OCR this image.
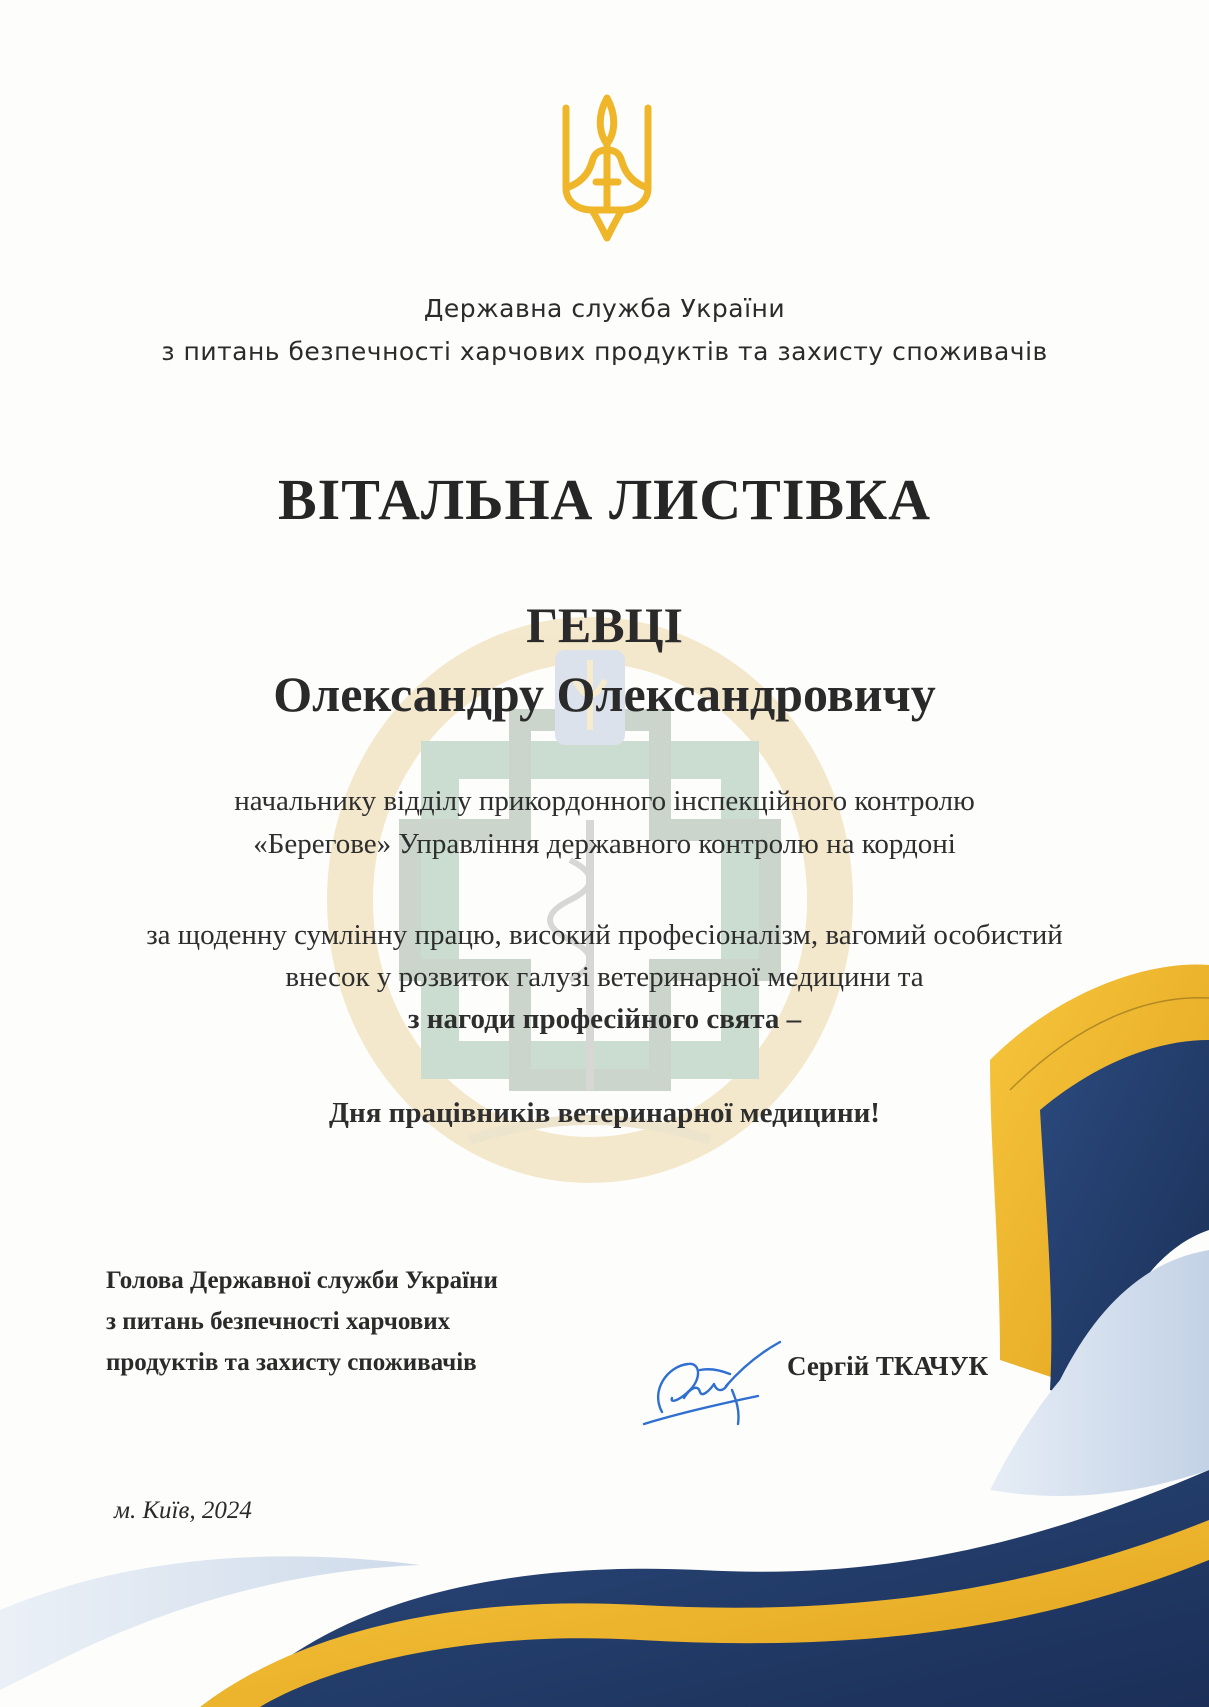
Державна служба України
з питань безпечності харчових продуктів та захисту споживачів
ВІТАЛЬНА ЛИСТІВКА
ГЕВЦІ
Олександру Олександровичу
начальнику відділу прикордонного інспекційного контролю
«Берегове» Управління державного контролю на кордоні
за щоденну сумлінну працю, високий професіоналізм, вагомий особистий
внесок у розвиток галузі ветеринарної медицини та
з нагоди професійного свята –
Дня працівників ветеринарної медицини!
Голова Державної служби України
з питань безпечності харчових
продуктів та захисту споживачів	Сергій ТКАЧУК
м. Київ, 2024
